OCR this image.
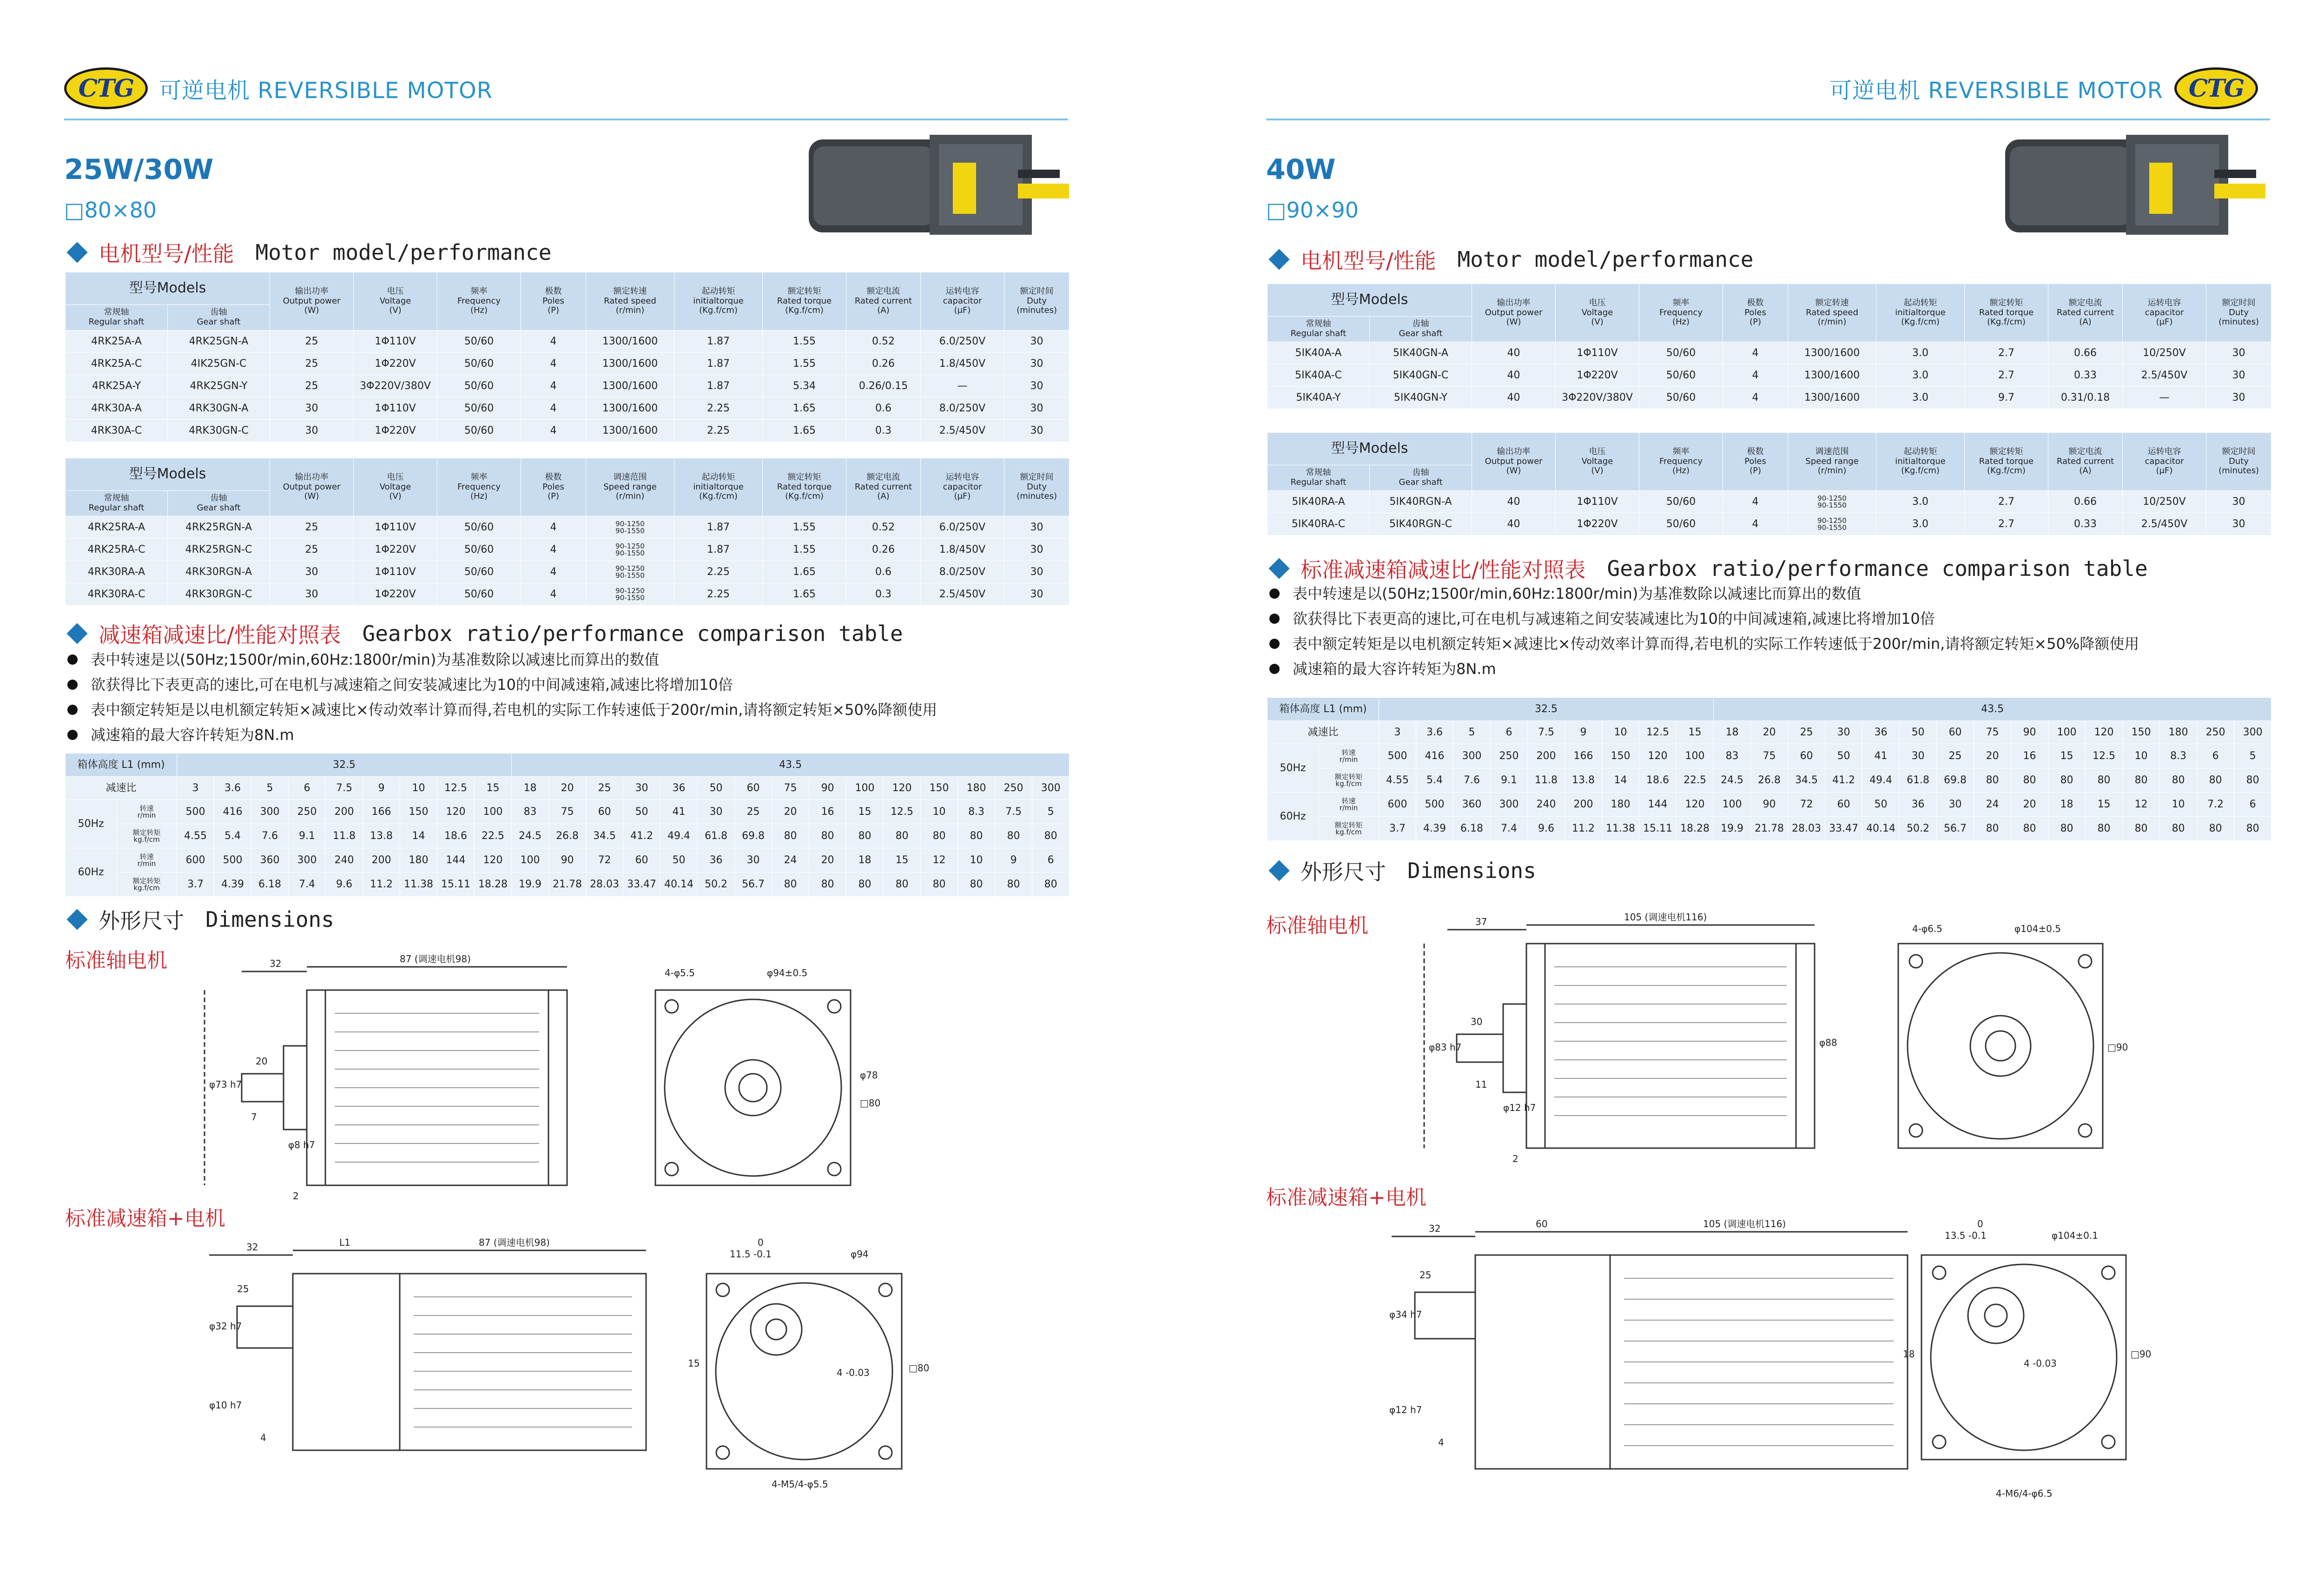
CTG	可逆电机 REVERSIBLE MOTOR
25W/30W
□80×80
电机型号/性能 Motor model/performance
型号Models		输出功率
Output power
(W)	电压
Voltage
(V)	频率
Frequency
(Hz)	极数
Poles
(P)	额定转速
Rated speed
(r/min)	起动转矩
initialtorque
(Kg.f/cm)	额定转矩
Rated torque
(Kg.f/cm)	额定电流
Rated current
(A)	运转电容
capacitor
(μF)	额定时间
Duty
(minutes)
常规轴
Regular shaft	齿轴
Gear shaft										
4RK25A-A	4RK25GN-A	25	1Φ110V	50/60	4	1300/1600	1.87	1.55	0.52	6.0/250V	30
4RK25A-C	4IK25GN-C	25	1Φ220V	50/60	4	1300/1600	1.87	1.55	0.26	1.8/450V	30
4RK25A-Y	4RK25GN-Y	25	3Φ220V/380V	50/60	4	1300/1600	1.87	5.34	0.26/0.15	—	30
4RK30A-A	4RK30GN-A	30	1Φ110V	50/60	4	1300/1600	2.25	1.65	0.6	8.0/250V	30
4RK30A-C	4RK30GN-C	30	1Φ220V	50/60	4	1300/1600	2.25	1.65	0.3	2.5/450V	30
型号Models		输出功率
Output power
(W)	电压
Voltage
(V)	频率
Frequency
(Hz)	极数
Poles
(P)	调速范围
Speed range
(r/min)	起动转矩
initialtorque
(Kg.f/cm)	额定转矩
Rated torque
(Kg.f/cm)	额定电流
Rated current
(A)	运转电容
capacitor
(μF)	额定时间
Duty
(minutes)
常规轴
Regular shaft	齿轴
Gear shaft										
4RK25RA-A	4RK25RGN-A	25	1Φ110V	50/60	4	90-1250
90-1550	1.87	1.55	0.52	6.0/250V	30
4RK25RA-C	4RK25RGN-C	25	1Φ220V	50/60	4	90-1250
90-1550	1.87	1.55	0.26	1.8/450V	30
4RK30RA-A	4RK30RGN-A	30	1Φ110V	50/60	4	90-1250
90-1550	2.25	1.65	0.6	8.0/250V	30
4RK30RA-C	4RK30RGN-C	30	1Φ220V	50/60	4	90-1250
90-1550	2.25	1.65	0.3	2.5/450V	30
减速箱减速比/性能对照表 Gearbox ratio/performance comparison table
表中转速是以(50Hz;1500r/min,60Hz:1800r/min)为基准数除以减速比而算出的数值
欲获得比下表更高的速比,可在电机与减速箱之间安装减速比为10的中间减速箱,减速比将增加10倍
表中额定转矩是以电机额定转矩×减速比×传动效率计算而得,若电机的实际工作转速低于200r/min,请将额定转矩×50%降额使用
减速箱的最大容许转矩为8N.m
箱体高度 L1 (mm)		32.5									43.5														
减速比		3	3.6	5	6	7.5	9	10	12.5	15	18	20	25	30	36	50	60	75	90	100	120	150	180	250	300
50Hz	转速
r/min	500	416	300	250	200	166	150	120	100	83	75	60	50	41	30	25	20	16	15	12.5	10	8.3	7.5	5
	额定转矩
kg.f/cm	4.55	5.4	7.6	9.1	11.8	13.8	14	18.6	22.5	24.5	26.8	34.5	41.2	49.4	61.8	69.8	80	80	80	80	80	80	80	80
60Hz	转速
r/min	600	500	360	300	240	200	180	144	120	100	90	72	60	50	36	30	24	20	18	15	12	10	9	6
	额定转矩
kg.f/cm	3.7	4.39	6.18	7.4	9.6	11.2	11.38	15.11	18.28	19.9	21.78	28.03	33.47	40.14	50.2	56.7	80	80	80	80	80	80	80	80
外形尺寸 Dimensions
标准轴电机	32	87 (调速电机98)
20
φ73 h7
7
φ8 h7
2
4-φ5.5	φ94±0.5
φ78
□80
标准减速箱+电机
32	L1	87 (调速电机98)
25
φ32 h7
φ10 h7
4
0
11.5 -0.1	φ94
15
4 -0.03	□80
4-M5/4-φ5.5
可逆电机 REVERSIBLE MOTOR	CTG
40W
□90×90
电机型号/性能 Motor model/performance
型号Models		输出功率
Output power
(W)	电压
Voltage
(V)	频率
Frequency
(Hz)	极数
Poles
(P)	额定转速
Rated speed
(r/min)	起动转矩
initialtorque
(Kg.f/cm)	额定转矩
Rated torque
(Kg.f/cm)	额定电流
Rated current
(A)	运转电容
capacitor
(μF)	额定时间
Duty
(minutes)
常规轴
Regular shaft	齿轴
Gear shaft										
5IK40A-A	5IK40GN-A	40	1Φ110V	50/60	4	1300/1600	3.0	2.7	0.66	10/250V	30
5IK40A-C	5IK40GN-C	40	1Φ220V	50/60	4	1300/1600	3.0	2.7	0.33	2.5/450V	30
5IK40A-Y	5IK40GN-Y	40	3Φ220V/380V	50/60	4	1300/1600	3.0	9.7	0.31/0.18	—	30
型号Models		输出功率
Output power
(W)	电压
Voltage
(V)	频率
Frequency
(Hz)	极数
Poles
(P)	调速范围
Speed range
(r/min)	起动转矩
initialtorque
(Kg.f/cm)	额定转矩
Rated torque
(Kg.f/cm)	额定电流
Rated current
(A)	运转电容
capacitor
(μF)	额定时间
Duty
(minutes)
常规轴
Regular shaft	齿轴
Gear shaft										
5IK40RA-A	5IK40RGN-A	40	1Φ110V	50/60	4	90-1250
90-1550	3.0	2.7	0.66	10/250V	30
5IK40RA-C	5IK40RGN-C	40	1Φ220V	50/60	4	90-1250
90-1550	3.0	2.7	0.33	2.5/450V	30
标准减速箱减速比/性能对照表 Gearbox ratio/performance comparison table
表中转速是以(50Hz;1500r/min,60Hz:1800r/min)为基准数除以减速比而算出的数值
欲获得比下表更高的速比,可在电机与减速箱之间安装减速比为10的中间减速箱,减速比将增加10倍
表中额定转矩是以电机额定转矩×减速比×传动效率计算而得,若电机的实际工作转速低于200r/min,请将额定转矩×50%降额使用
减速箱的最大容许转矩为8N.m
箱体高度 L1 (mm)		32.5									43.5														
减速比		3	3.6	5	6	7.5	9	10	12.5	15	18	20	25	30	36	50	60	75	90	100	120	150	180	250	300
50Hz	转速
r/min	500	416	300	250	200	166	150	120	100	83	75	60	50	41	30	25	20	16	15	12.5	10	8.3	6	5
	额定转矩
kg.f/cm	4.55	5.4	7.6	9.1	11.8	13.8	14	18.6	22.5	24.5	26.8	34.5	41.2	49.4	61.8	69.8	80	80	80	80	80	80	80	80
60Hz	转速
r/min	600	500	360	300	240	200	180	144	120	100	90	72	60	50	36	30	24	20	18	15	12	10	7.2	6
	额定转矩
kg.f/cm	3.7	4.39	6.18	7.4	9.6	11.2	11.38	15.11	18.28	19.9	21.78	28.03	33.47	40.14	50.2	56.7	80	80	80	80	80	80	80	80
外形尺寸 Dimensions
标准轴电机	37	105 (调速电机116)
30
φ83 h7
11
φ12 h7
2
4-φ6.5	φ104±0.5
φ88	□90
标准减速箱+电机
32	60	105 (调速电机116)
25
φ34 h7
φ12 h7
4
0
13.5 -0.1	φ104±0.1
18
4 -0.03
□90
4-M6/4-φ6.5
